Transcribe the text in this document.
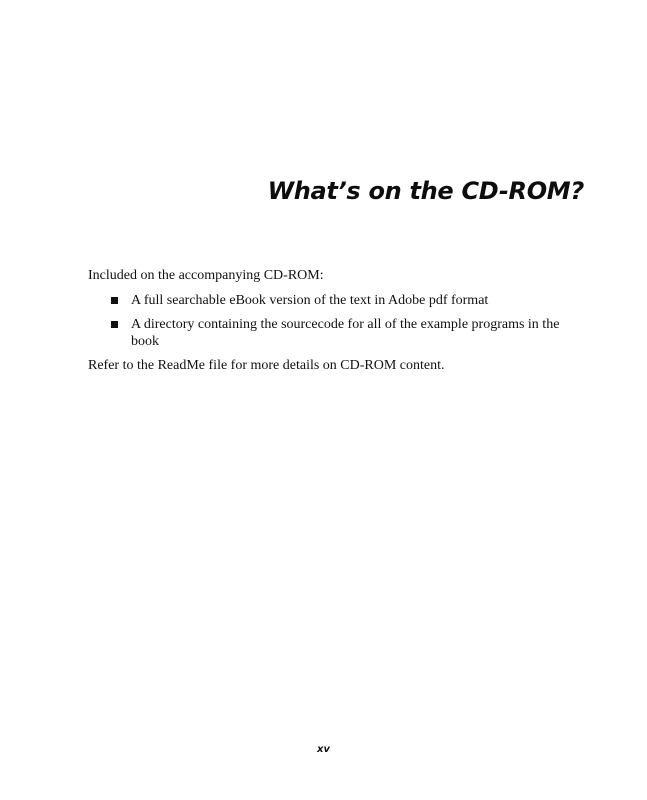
What’s on the CD-ROM?

Included on the accompanying CD-ROM:

A full searchable eBook version of the text in Adobe pdf format
A directory containing the sourcecode for all of the example programs in the book

Refer to the ReadMe file for more details on CD-ROM content.

xv
